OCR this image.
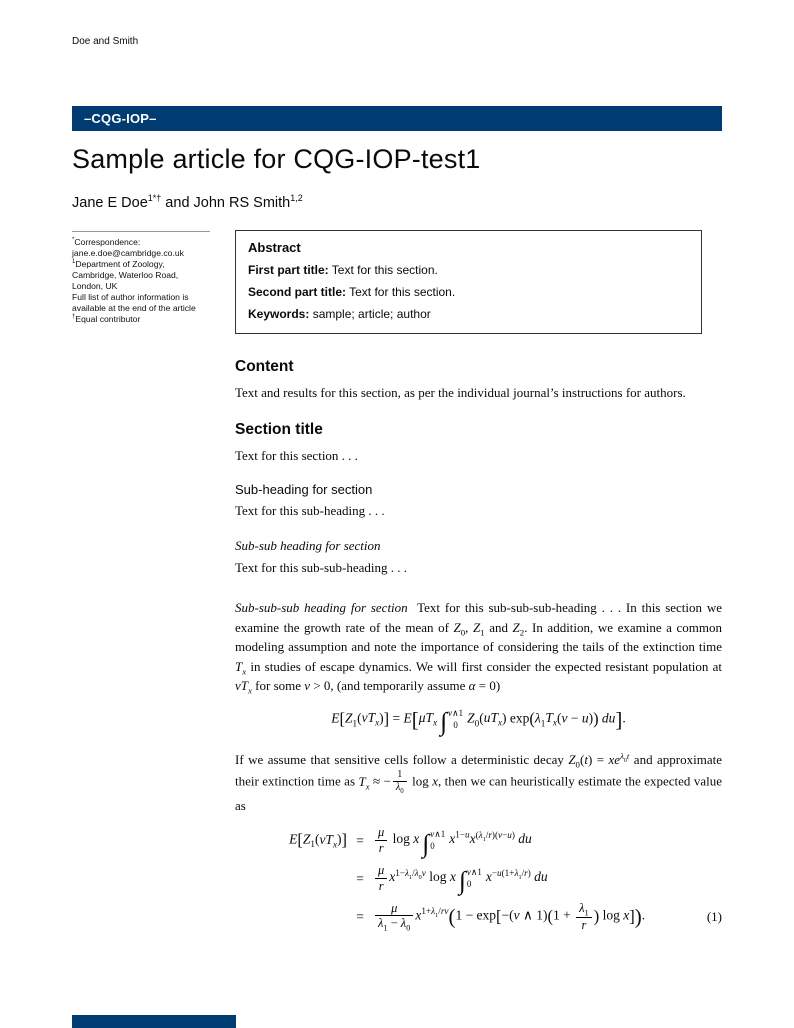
Doe and Smith
–CQG-IOP–
Sample article for CQG-IOP-test1
Jane E Doe$^{1*\dagger}$ and John RS Smith$^{1,2}$
*Correspondence:
jane.e.doe@cambridge.co.uk
$^1$Department of Zoology,
Cambridge, Waterloo Road,
London, UK
Full list of author information is
available at the end of the article
†Equal contributor
Abstract

First part title: Text for this section.

Second part title: Text for this section.

Keywords: sample; article; author

Content

Text and results for this section, as per the individual journal’s instructions for authors.

Section title

Text for this section . . .

Sub-heading for section

Text for this sub-heading . . .

Sub-sub heading for section

Text for this sub-sub-heading . . .

Sub-sub-sub heading for section Text for this sub-sub-sub-heading . . . In this section we examine the growth rate of the mean of $Z_0$, $Z_1$ and $Z_2$. In addition, we examine a common modeling assumption and note the importance of considering the tails of the extinction time $T_x$ in studies of escape dynamics. We will first consider the expected resistant population at $vT_x$ for some v > 0, (and temporarily assume α = 0)

$E[Z_1(vT_x)] = E[\mu T_x$ ∫ v∧1
0 $Z_0(uT_x) \exp(\lambda_1T_x(v - u))$ du].

If we assume that sensitive cells follow a deterministic decay $Z_0(t) = xe^{\lambda_0t}$ and approximate their extinction time as $T_x$ ≈ − $\frac{1}{\lambda_0}$ log x, then we can heuristically estimate the expected value as

$E[Z_1(vT_x)] = \frac{\mu}{r}$ log x ∫ v∧1
0	$x^{1-u}x^{(\lambda_1/r)(v-u)}$ du
= $\frac{\mu}{r} x^{1-\lambda_1/\lambda_0v}$ log x ∫ v∧1
0	$x^{-u(1+\lambda_1/r)}$ du
= $\frac{\mu}{\lambda_1 - \lambda_0} x^{1+\lambda_1/rv}(1 - \exp[-(v$ ∧ $1)(1 + \frac{\lambda_1}{r}$ ) log x]).	(1)
